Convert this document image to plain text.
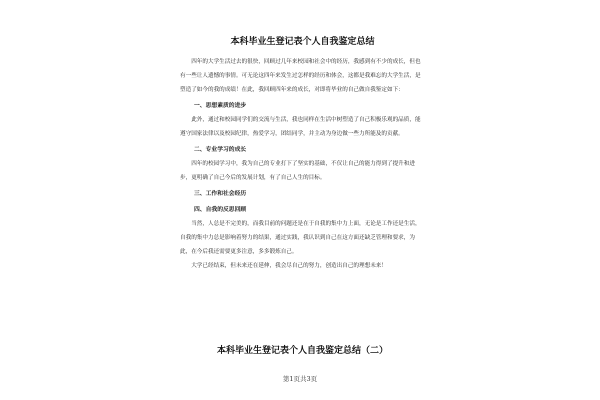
本科毕业生登记表个人自我鉴定总结

四年的大学生活过去的很快，回顾过几年来校园和社会中的经历，我感到有不少的成长，但也有一些让人遗憾的事情。可无论这四年来发生过怎样的经历和体会，这都是我难忘的大学生活，是塑造了如今的我的成绩！在此，我回顾四年来的成长，对即将毕业的自己做自我鉴定如下：

一、思想素质的进步

此外，通过和校园同学们的交流与生活，我也同样在生活中树塑造了自己积极乐观的品质，能遵守国家法律以及校园纪律，热爱学习，团结同学，并主动为身边做一些力所能及的贡献。

二、专业学习的成长

四年的校园学习中，我为自己的专业打下了坚实的基础，不仅让自己的能力得到了提升和进步，更明确了自己今后的发展计划，有了自己人生的目标。

三、工作和社会经历
四、自我的反思回顾

当然，人总是不完美的，而我目前的问题还是在于自我的集中力上面，无论是工作还是生活，自我的集中力总是影响着努力的结果，通过实践，我认识到自己在这方面还缺乏管理和要求，为此，在今后我还需要更多注意，多多锻炼自己。

大学已经结束，但未来还在延伸，我会尽自己的努力，创造出自己的理想未来！

本科毕业生登记表个人自我鉴定总结（二）
第1页共3页
